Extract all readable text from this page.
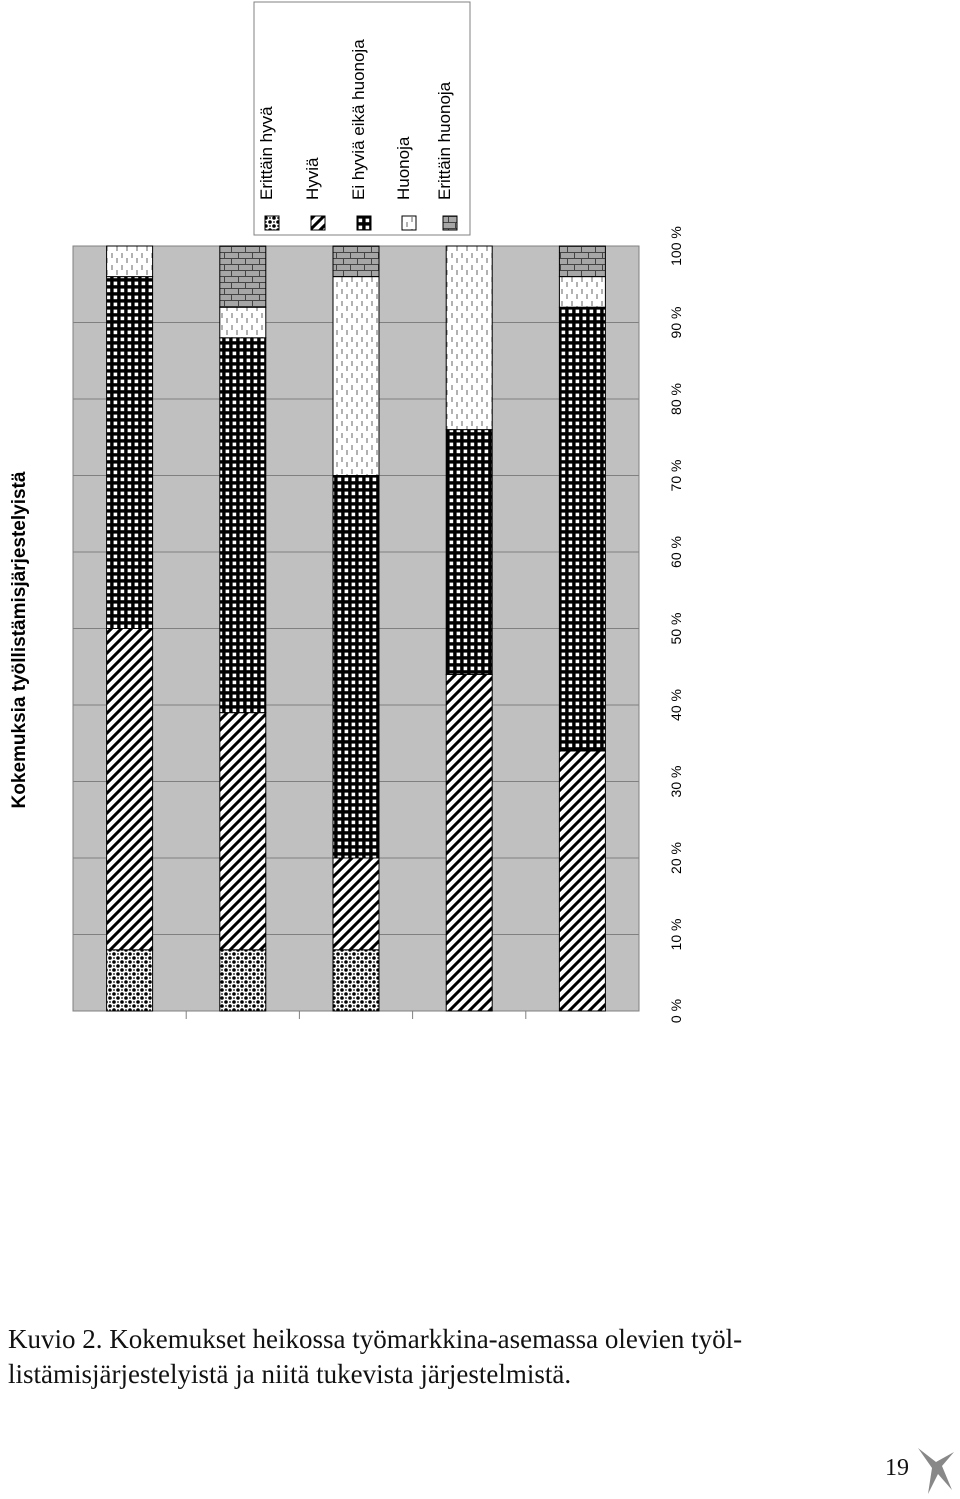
0 %
10 %
20 %
30 %
40 %
50 %
60 %
70 %
80 %
90 %
100 %
Kokemuksia työllistämisjärjestelyistä
Erittäin hyvä Hyviä Ei hyviä eikä huonoja Huonoja Erittäin huonoja
Kuvio 2. Kokemukset heikossa työmarkkina-asemassa olevien työl-
listämisjärjestelyistä ja niitä tukevista järjestelmistä.
19
